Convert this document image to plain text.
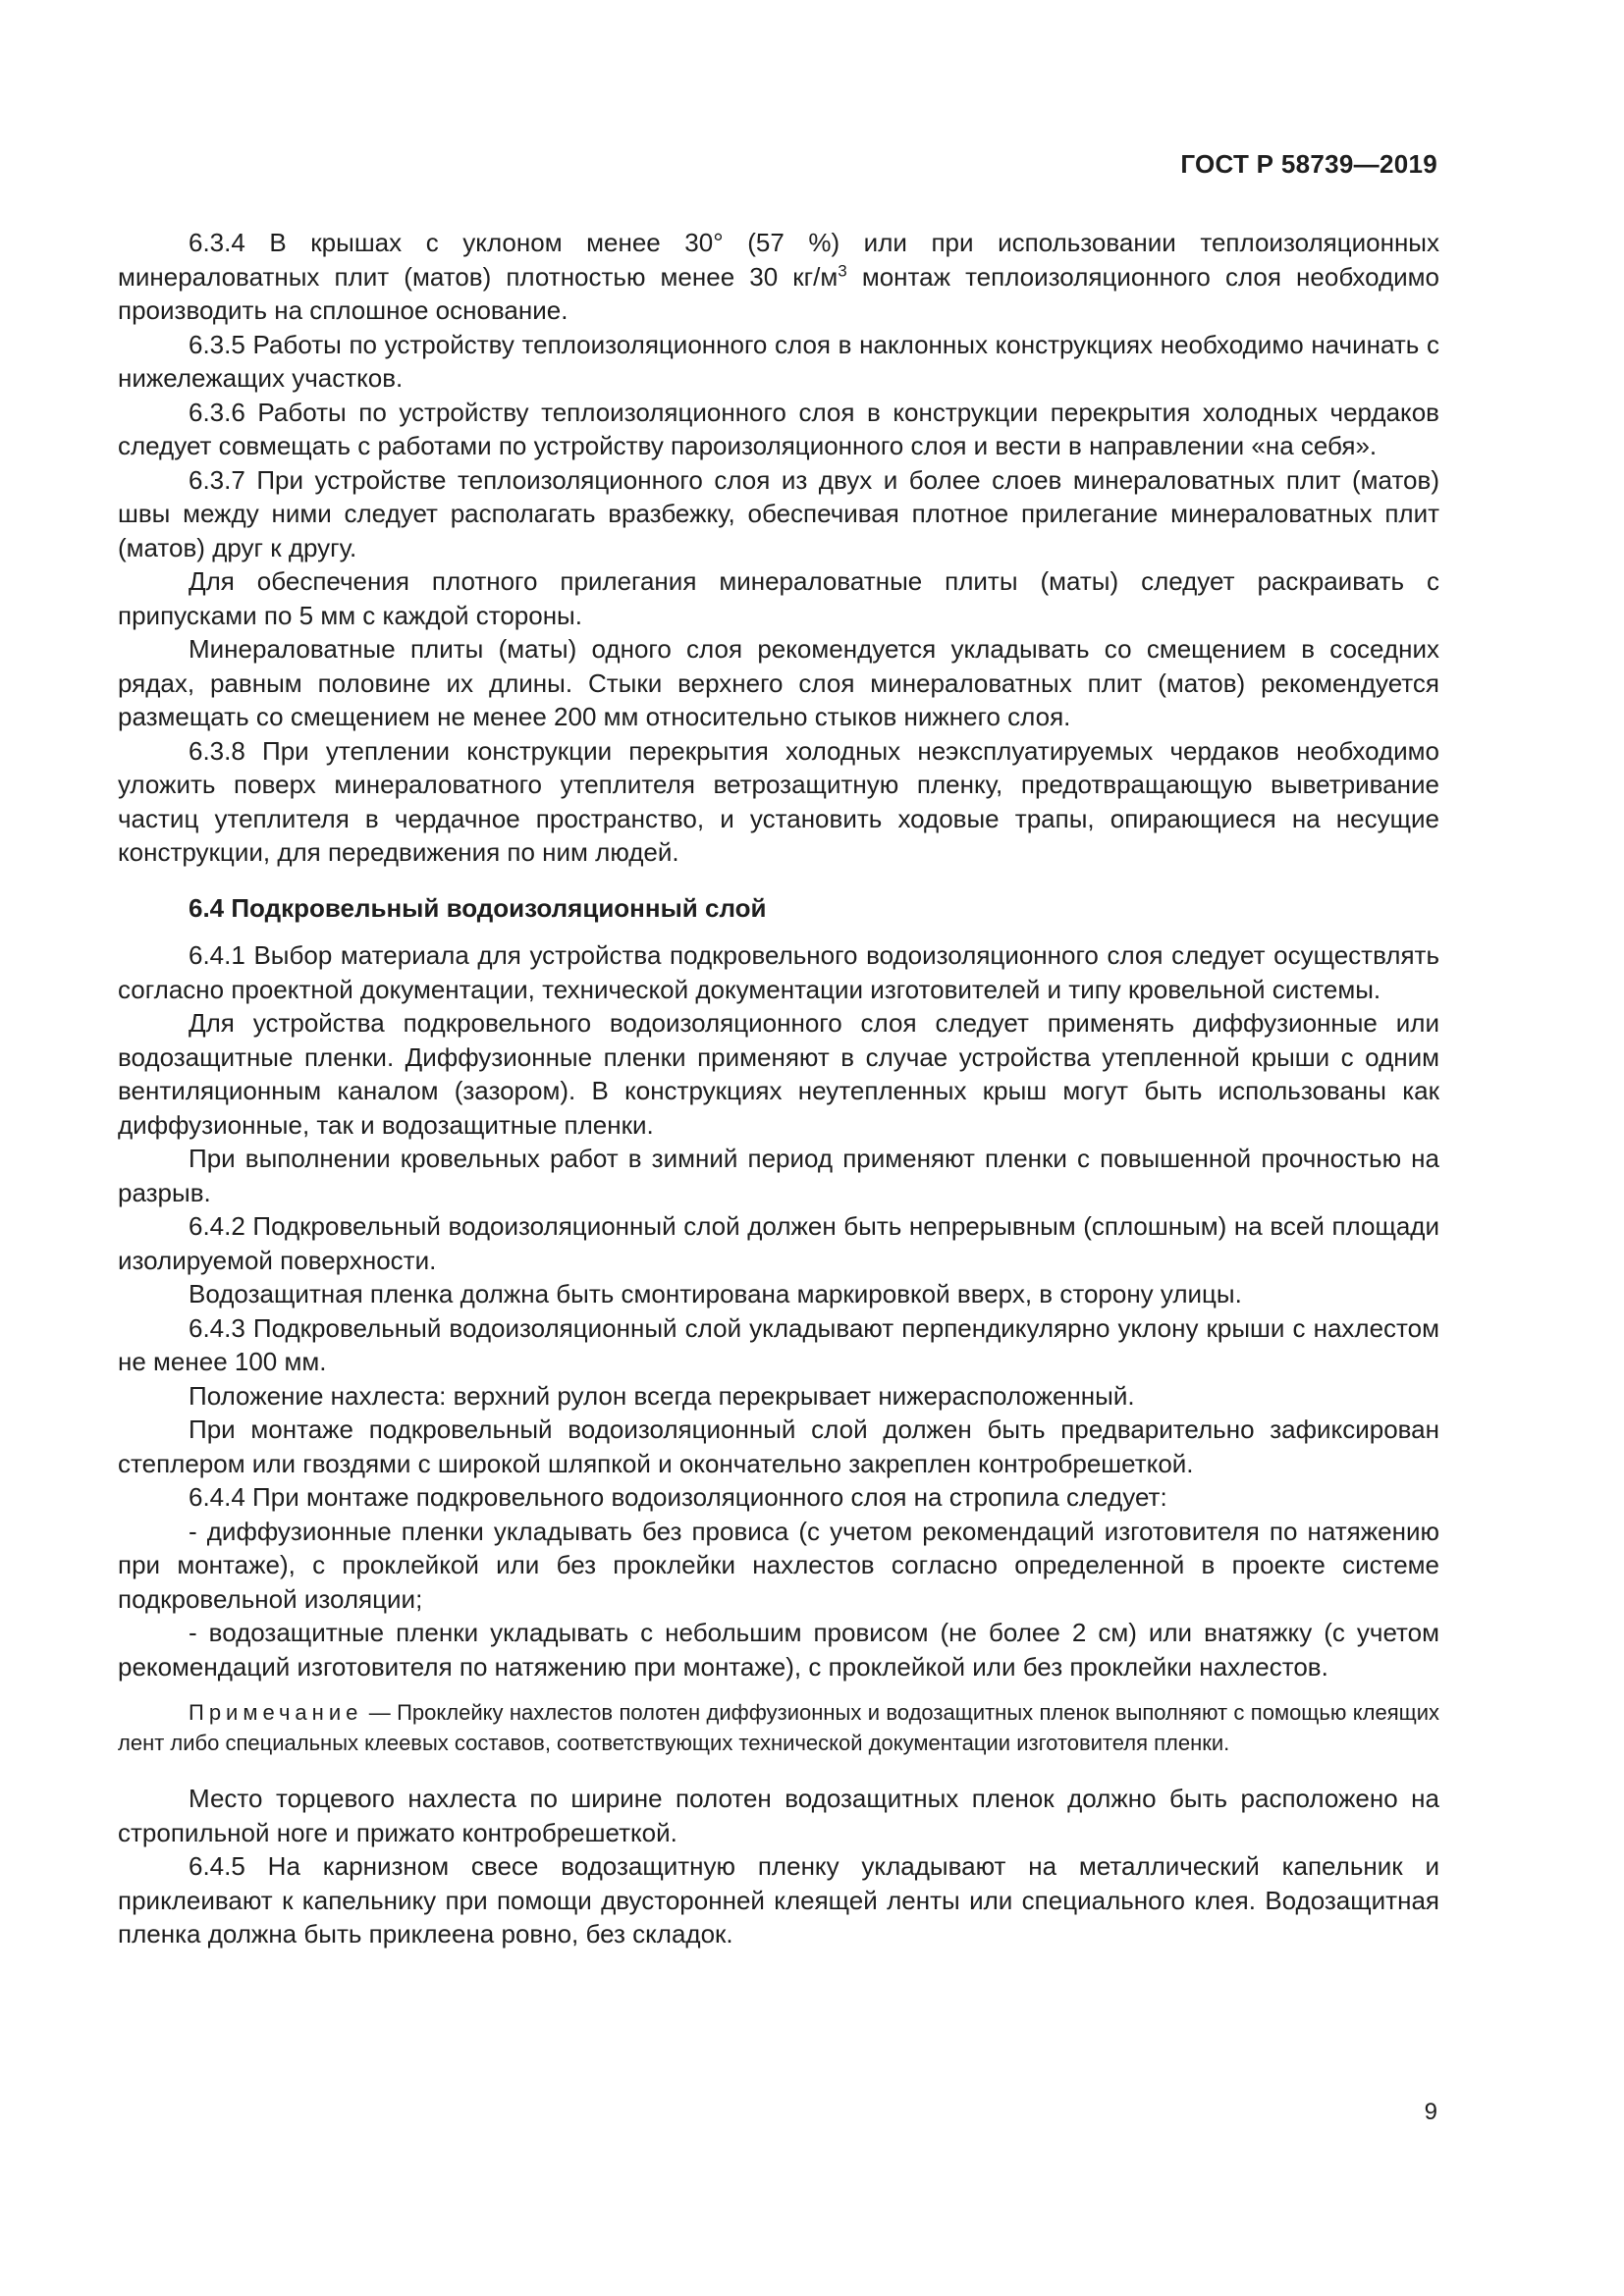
ГОСТ Р 58739—2019

6.3.4 В крышах с уклоном менее 30° (57 %) или при использовании теплоизоляционных минераловатных плит (матов) плотностью менее 30 $кг/м^3$ монтаж теплоизоляционного слоя необходимо производить на сплошное основание.

6.3.5 Работы по устройству теплоизоляционного слоя в наклонных конструкциях необходимо начинать с нижележащих участков.

6.3.6 Работы по устройству теплоизоляционного слоя в конструкции перекрытия холодных чердаков следует совмещать с работами по устройству пароизоляционного слоя и вести в направлении «на себя».

6.3.7 При устройстве теплоизоляционного слоя из двух и более слоев минераловатных плит (матов) швы между ними следует располагать вразбежку, обеспечивая плотное прилегание минераловатных плит (матов) друг к другу.

Для обеспечения плотного прилегания минераловатные плиты (маты) следует раскраивать с припусками по 5 мм с каждой стороны.

Минераловатные плиты (маты) одного слоя рекомендуется укладывать со смещением в соседних рядах, равным половине их длины. Стыки верхнего слоя минераловатных плит (матов) рекомендуется размещать со смещением не менее 200 мм относительно стыков нижнего слоя.

6.3.8 При утеплении конструкции перекрытия холодных неэксплуатируемых чердаков необходимо уложить поверх минераловатного утеплителя ветрозащитную пленку, предотвращающую выветривание частиц утеплителя в чердачное пространство, и установить ходовые трапы, опирающиеся на несущие конструкции, для передвижения по ним людей.

6.4 Подкровельный водоизоляционный слой

6.4.1 Выбор материала для устройства подкровельного водоизоляционного слоя следует осуществлять согласно проектной документации, технической документации изготовителей и типу кровельной системы.

Для устройства подкровельного водоизоляционного слоя следует применять диффузионные или водозащитные пленки. Диффузионные пленки применяют в случае устройства утепленной крыши с одним вентиляционным каналом (зазором). В конструкциях неутепленных крыш могут быть использованы как диффузионные, так и водозащитные пленки.

При выполнении кровельных работ в зимний период применяют пленки с повышенной прочностью на разрыв.

6.4.2 Подкровельный водоизоляционный слой должен быть непрерывным (сплошным) на всей площади изолируемой поверхности.

Водозащитная пленка должна быть смонтирована маркировкой вверх, в сторону улицы.

6.4.3 Подкровельный водоизоляционный слой укладывают перпендикулярно уклону крыши с нахлестом не менее 100 мм.

Положение нахлеста: верхний рулон всегда перекрывает нижерасположенный.

При монтаже подкровельный водоизоляционный слой должен быть предварительно зафиксирован степлером или гвоздями с широкой шляпкой и окончательно закреплен контробрешеткой.

6.4.4 При монтаже подкровельного водоизоляционного слоя на стропила следует:

- диффузионные пленки укладывать без провиса (с учетом рекомендаций изготовителя по натяжению при монтаже), с проклейкой или без проклейки нахлестов согласно определенной в проекте системе подкровельной изоляции;

- водозащитные пленки укладывать с небольшим провисом (не более 2 см) или внатяжку (с учетом рекомендаций изготовителя по натяжению при монтаже), с проклейкой или без проклейки нахлестов.

Примечание — Проклейку нахлестов полотен диффузионных и водозащитных пленок выполняют с помощью клеящих лент либо специальных клеевых составов, соответствующих технической документации изготовителя пленки.

Место торцевого нахлеста по ширине полотен водозащитных пленок должно быть расположено на стропильной ноге и прижато контробрешеткой.

6.4.5 На карнизном свесе водозащитную пленку укладывают на металлический капельник и приклеивают к капельнику при помощи двусторонней клеящей ленты или специального клея. Водозащитная пленка должна быть приклеена ровно, без складок.

9
